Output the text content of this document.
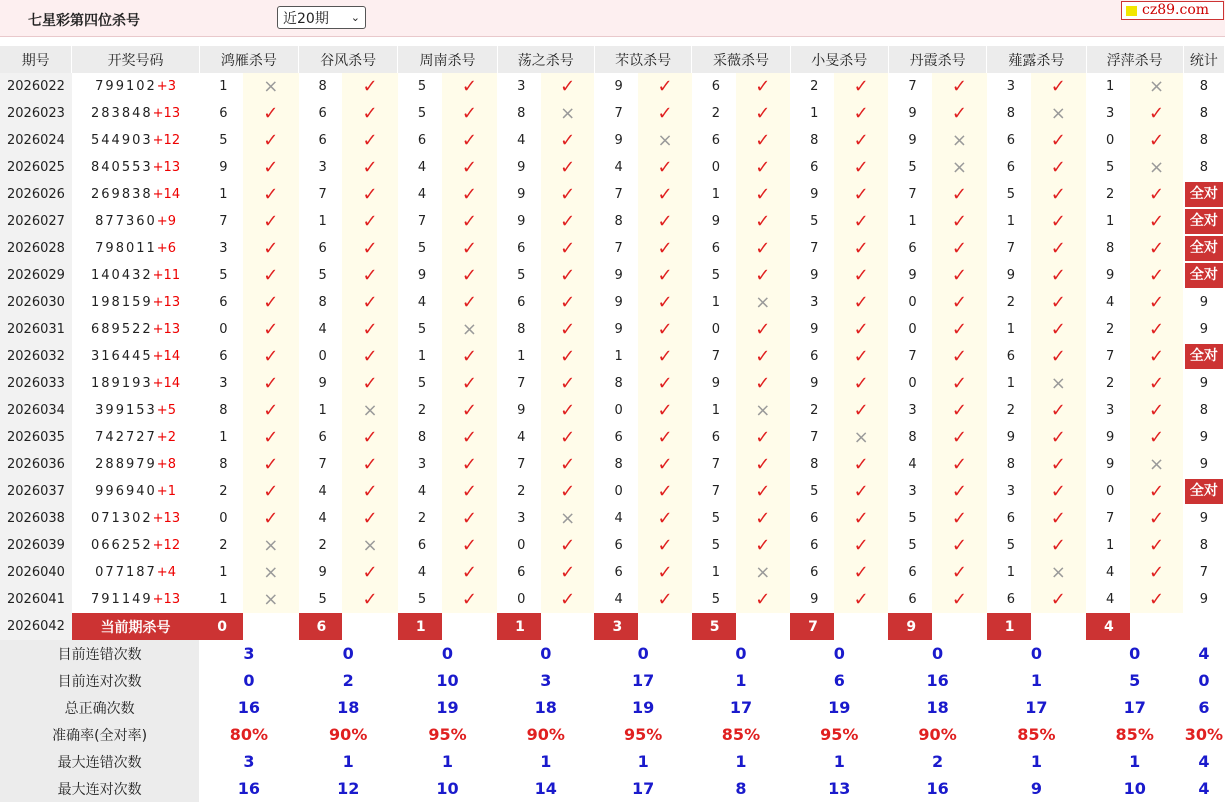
七星彩第四位杀号	近20期 ⌄	cz89.com
期号	开奖号码	鸿雁杀号		谷风杀号		周南杀号		荡之杀号		芣苡杀号		采薇杀号		小旻杀号		丹霞杀号		薤露杀号		浮萍杀号		统计
2026022	799102+3	1	×	8	✓	5	✓	3	✓	9	✓	6	✓	2	✓	7	✓	3	✓	1	×	8
2026023	283848+13	6	✓	6	✓	5	✓	8	×	7	✓	2	✓	1	✓	9	✓	8	×	3	✓	8
2026024	544903+12	5	✓	6	✓	6	✓	4	✓	9	×	6	✓	8	✓	9	×	6	✓	0	✓	8
2026025	840553+13	9	✓	3	✓	4	✓	9	✓	4	✓	0	✓	6	✓	5	×	6	✓	5	×	8
2026026	269838+14	1	✓	7	✓	4	✓	9	✓	7	✓	1	✓	9	✓	7	✓	5	✓	2	✓	全对

2026027	877360+9	7	✓	1	✓	7	✓	9	✓	8	✓	9	✓	5	✓	1	✓	1	✓	1	✓	全对

2026028	798011+6	3	✓	6	✓	5	✓	6	✓	7	✓	6	✓	7	✓	6	✓	7	✓	8	✓	全对

2026029	140432+11	5	✓	5	✓	9	✓	5	✓	9	✓	5	✓	9	✓	9	✓	9	✓	9	✓	全对

2026030	198159+13	6	✓	8	✓	4	✓	6	✓	9	✓	1	×	3	✓	0	✓	2	✓	4	✓	9
2026031	689522+13	0	✓	4	✓	5	×	8	✓	9	✓	0	✓	9	✓	0	✓	1	✓	2	✓	9
2026032	316445+14	6	✓	0	✓	1	✓	1	✓	1	✓	7	✓	6	✓	7	✓	6	✓	7	✓	全对

2026033	189193+14	3	✓	9	✓	5	✓	7	✓	8	✓	9	✓	9	✓	0	✓	1	×	2	✓	9
2026034	399153+5	8	✓	1	×	2	✓	9	✓	0	✓	1	×	2	✓	3	✓	2	✓	3	✓	8
2026035	742727+2	1	✓	6	✓	8	✓	4	✓	6	✓	6	✓	7	×	8	✓	9	✓	9	✓	9
2026036	288979+8	8	✓	7	✓	3	✓	7	✓	8	✓	7	✓	8	✓	4	✓	8	✓	9	×	9
2026037	996940+1	2	✓	4	✓	4	✓	2	✓	0	✓	7	✓	5	✓	3	✓	3	✓	0	✓	全对

2026038	071302+13	0	✓	4	✓	2	✓	3	×	4	✓	5	✓	6	✓	5	✓	6	✓	7	✓	9
2026039	066252+12	2	×	2	×	6	✓	0	✓	6	✓	5	✓	6	✓	5	✓	5	✓	1	✓	8
2026040	077187+4	1	×	9	✓	4	✓	6	✓	6	✓	1	×	6	✓	6	✓	1	×	4	✓	7
2026041	791149+13	1	×	5	✓	5	✓	0	✓	4	✓	5	✓	9	✓	6	✓	6	✓	4	✓	9
2026042	当前期杀号	0		6		1		1		3		5		7		9		1		4		
目前连错次数		3		0		0		0		0		0		0		0		0		0		4
目前连对次数		0		2		10		3		17		1		6		16		1		5		0
总正确次数		16		18		19		18		19		17		19		18		17		17		6
准确率(全对率)		80%		90%		95%		90%		95%		85%		95%		90%		85%		85%		30%
最大连错次数		3		1		1		1		1		1		1		2		1		1		4
最大连对次数		16		12		10		14		17		8		13		16		9		10		4
